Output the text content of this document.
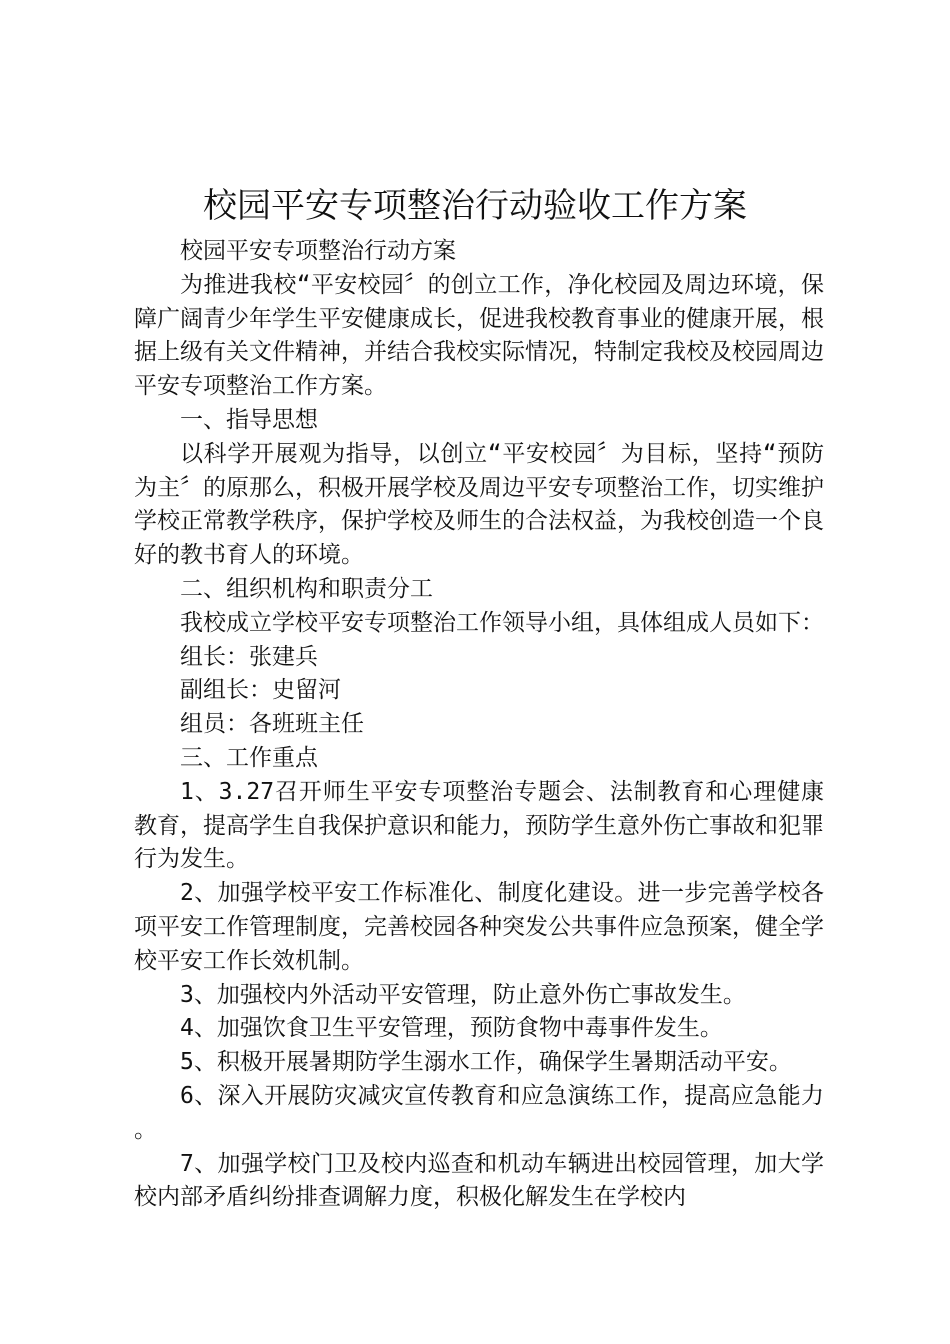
校园平安专项整治行动验收工作方案

校园平安专项整治行动方案

为推进我校“平安校园〞的创立工作，净化校园及周边环境，保障广阔青少年学生平安健康成长，促进我校教育事业的健康开展，根据上级有关文件精神，并结合我校实际情况，特制定我校及校园周边平安专项整治工作方案。

一、指导思想

以科学开展观为指导，以创立“平安校园〞为目标，坚持“预防为主〞的原那么，积极开展学校及周边平安专项整治工作，切实维护学校正常教学秩序，保护学校及师生的合法权益，为我校创造一个良好的教书育人的环境。

二、组织机构和职责分工

我校成立学校平安专项整治工作领导小组，具体组成人员如下：

组长：张建兵

副组长：史留河

组员：各班班主任

三、工作重点

1、3.27召开师生平安专项整治专题会、法制教育和心理健康教育，提高学生自我保护意识和能力，预防学生意外伤亡事故和犯罪行为发生。

2、加强学校平安工作标准化、制度化建设。进一步完善学校各项平安工作管理制度，完善校园各种突发公共事件应急预案，健全学校平安工作长效机制。

3、加强校内外活动平安管理，防止意外伤亡事故发生。

4、加强饮食卫生平安管理，预防食物中毒事件发生。

5、积极开展暑期防学生溺水工作，确保学生暑期活动平安。

6、深入开展防灾减灾宣传教育和应急演练工作，提高应急能力。

7、加强学校门卫及校内巡查和机动车辆进出校园管理，加大学校内部矛盾纠纷排查调解力度，积极化解发生在学校内
